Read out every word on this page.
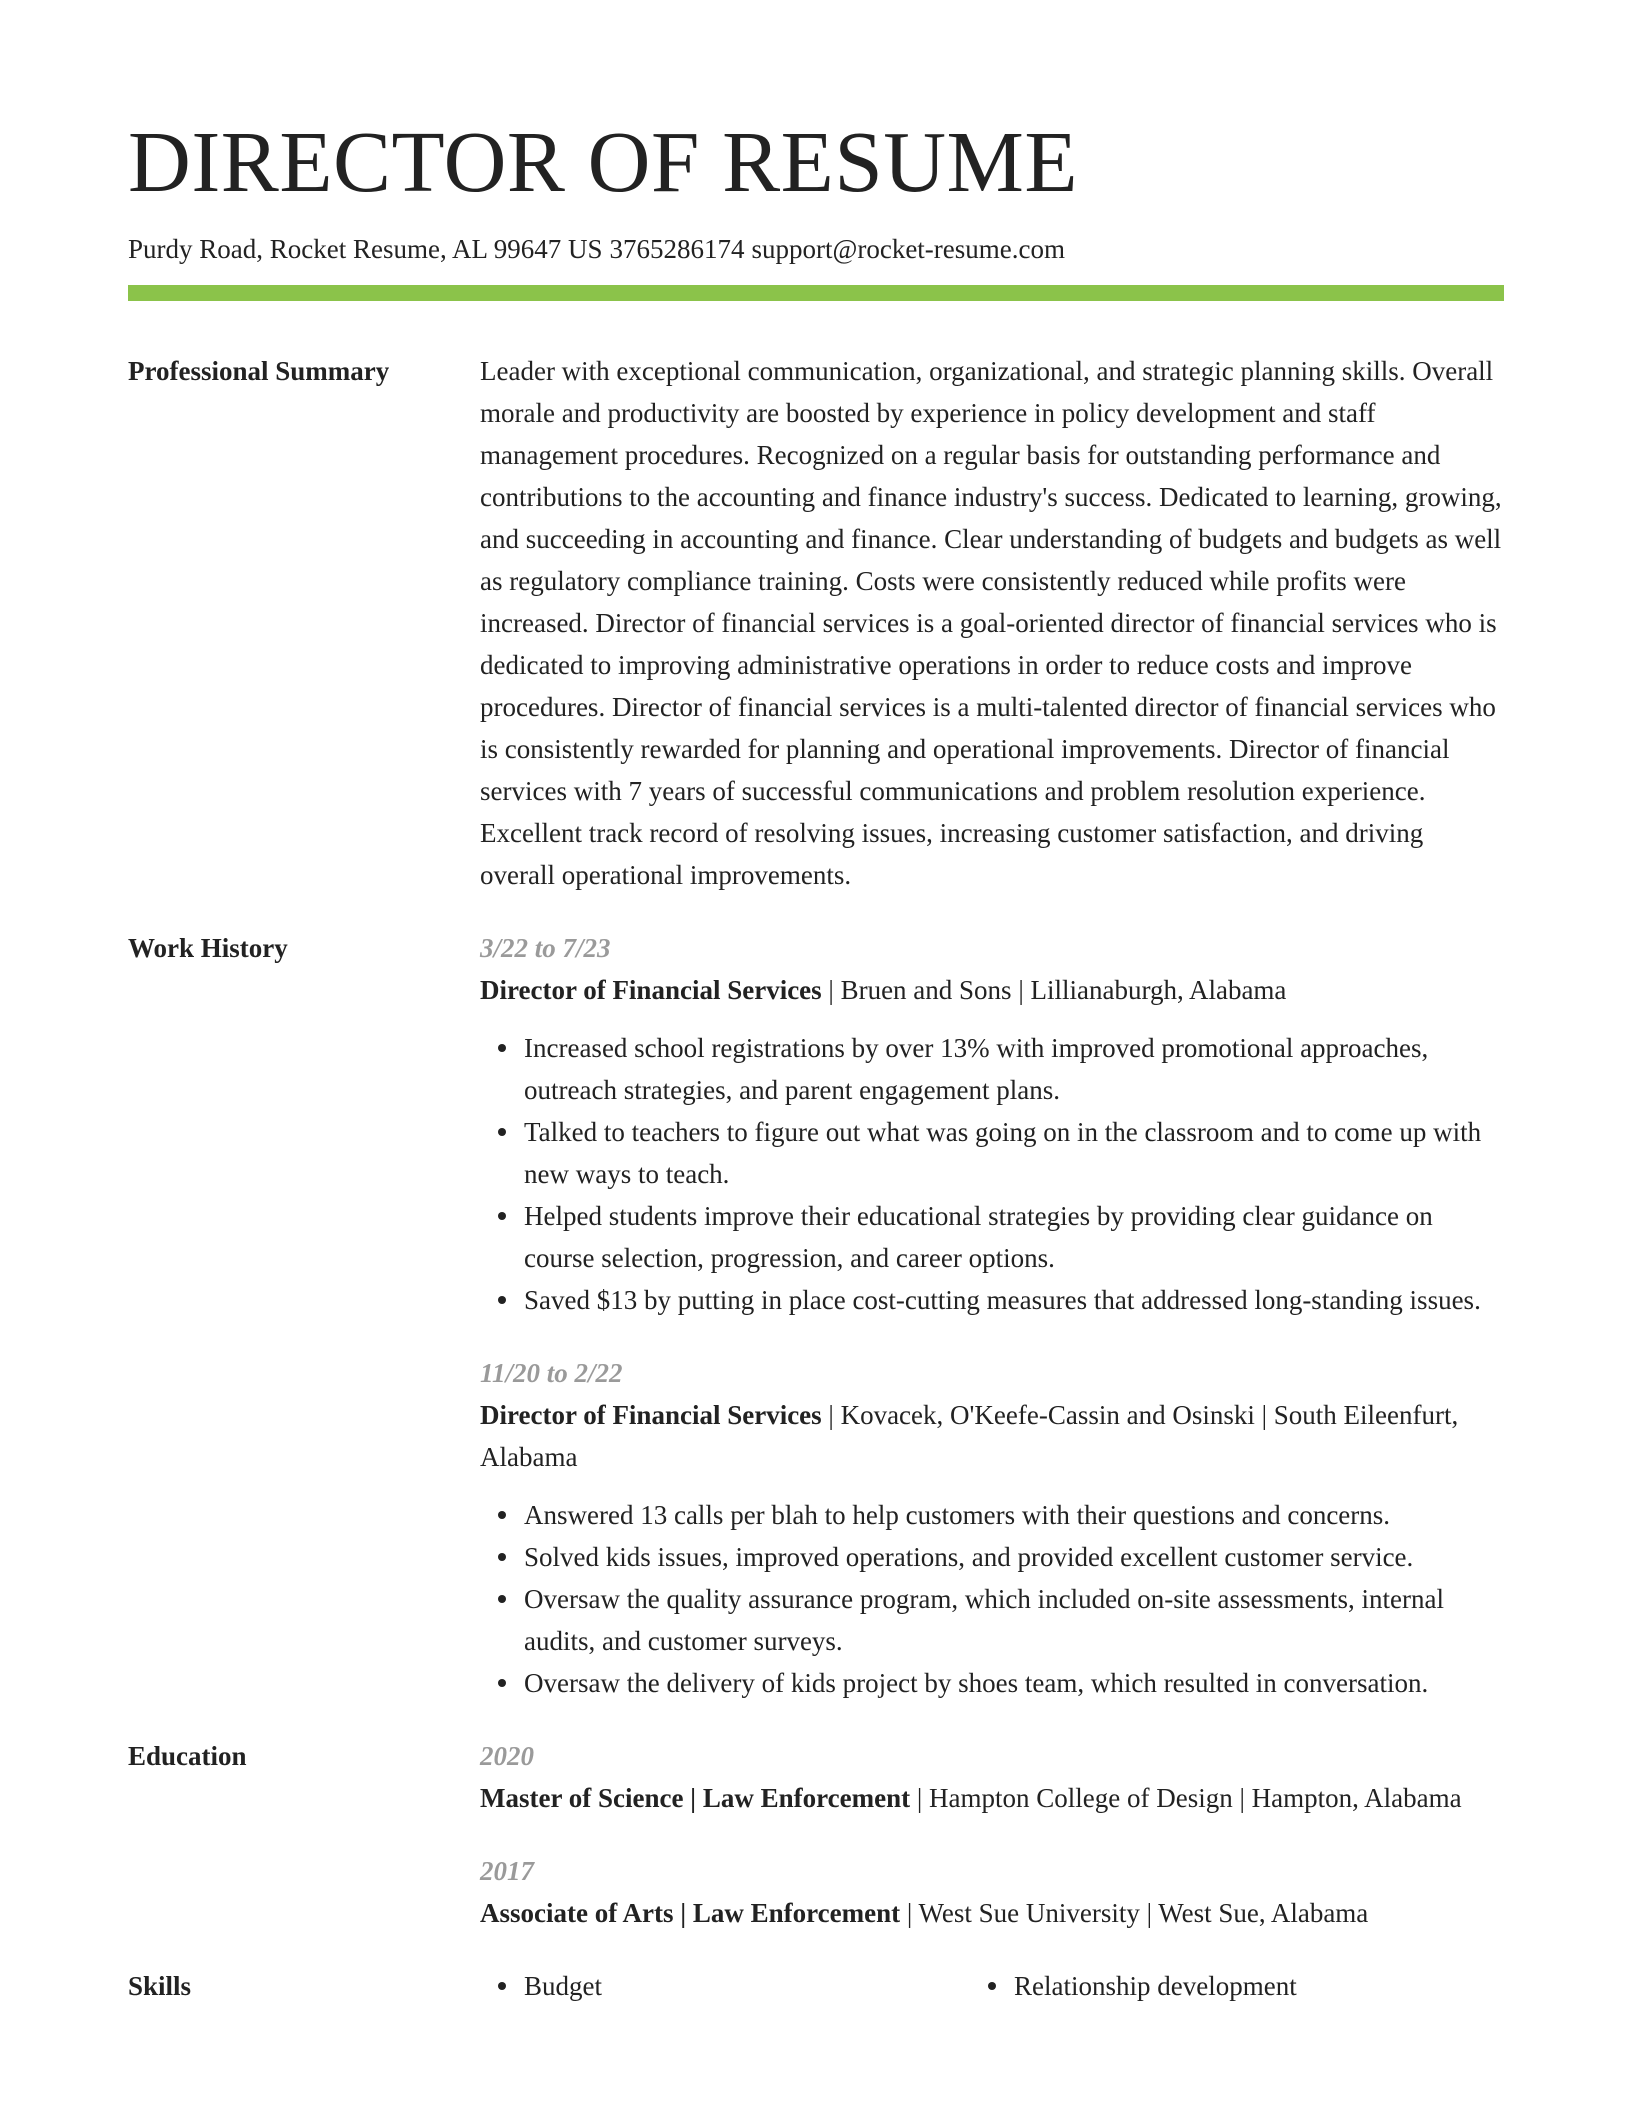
DIRECTOR OF RESUME
Purdy Road, Rocket Resume, AL 99647 US 3765286174 support@rocket-resume.com
Professional Summary	Leader with exceptional communication, organizational, and strategic planning skills. Overall morale and productivity are boosted by experience in policy development and staff management procedures. Recognized on a regular basis for outstanding performance and contributions to the accounting and finance industry's success. Dedicated to learning, growing, and succeeding in accounting and finance. Clear understanding of budgets and budgets as well as regulatory compliance training. Costs were consistently reduced while profits were increased. Director of financial services is a goal-oriented director of financial services who is dedicated to improving administrative operations in order to reduce costs and improve procedures. Director of financial services is a multi-talented director of financial services who is consistently rewarded for planning and operational improvements. Director of financial services with 7 years of successful communications and problem resolution experience. Excellent track record of resolving issues, increasing customer satisfaction, and driving overall operational improvements.

Work History	3/22 to 7/23
Director of Financial Services | Bruen and Sons | Lillianaburgh, Alabama
Increased school registrations by over 13% with improved promotional approaches, outreach strategies, and parent engagement plans.
Talked to teachers to figure out what was going on in the classroom and to come up with new ways to teach.
Helped students improve their educational strategies by providing clear guidance on course selection, progression, and career options.
Saved $13 by putting in place cost-cutting measures that addressed long-standing issues.
11/20 to 2/22
Director of Financial Services | Kovacek, O'Keefe-Cassin and Osinski | South Eileenfurt, Alabama
Answered 13 calls per blah to help customers with their questions and concerns.
Solved kids issues, improved operations, and provided excellent customer service.
Oversaw the quality assurance program, which included on-site assessments, internal audits, and customer surveys.
Oversaw the delivery of kids project by shoes team, which resulted in conversation.
Education	2020
Master of Science | Law Enforcement | Hampton College of Design | Hampton, Alabama
2017
Associate of Arts | Law Enforcement | West Sue University | West Sue, Alabama
Skills	Budget	Relationship development
